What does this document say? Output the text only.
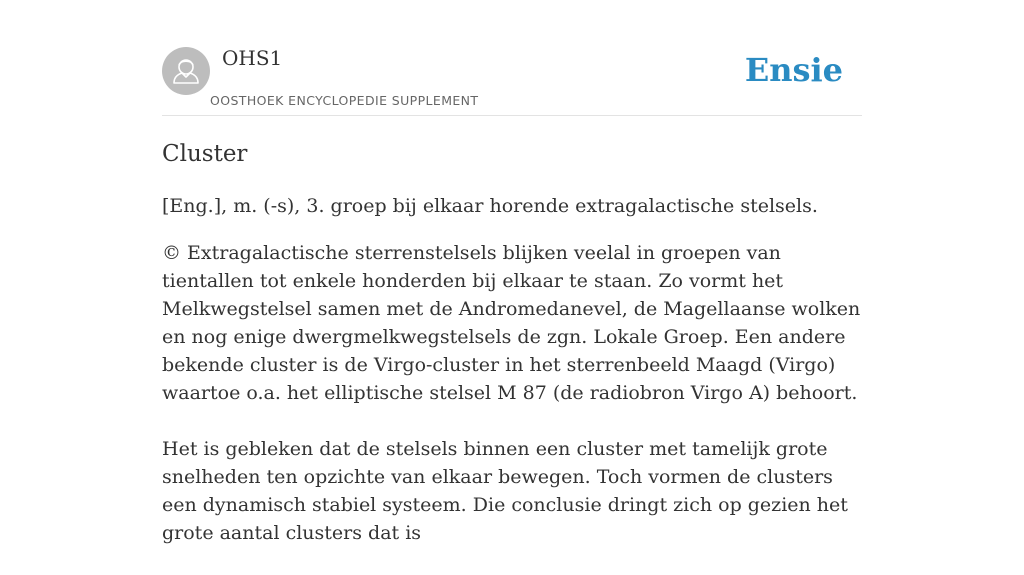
OHS1
OOSTHOEK ENCYCLOPEDIE SUPPLEMENT
Ensie
Cluster

[Eng.], m. (-s), 3. groep bij elkaar horende extragalactische stelsels.

© Extragalactische sterrenstelsels blijken veelal in groepen van tientallen tot enkele honderden bij elkaar te staan. Zo vormt het Melkwegstelsel samen met de Andromedanevel, de Magellaanse wolken en nog enige dwergmelkwegstelsels de zgn. Lokale Groep. Een andere bekende cluster is de Virgo-cluster in het sterrenbeeld Maagd (Virgo) waartoe o.a. het elliptische stelsel M 87 (de radiobron Virgo A) behoort.

Het is gebleken dat de stelsels binnen een cluster met tamelijk grote snelheden ten opzichte van elkaar bewegen. Toch vormen de clusters een dynamisch stabiel systeem. Die conclusie dringt zich op gezien het grote aantal clusters dat is
